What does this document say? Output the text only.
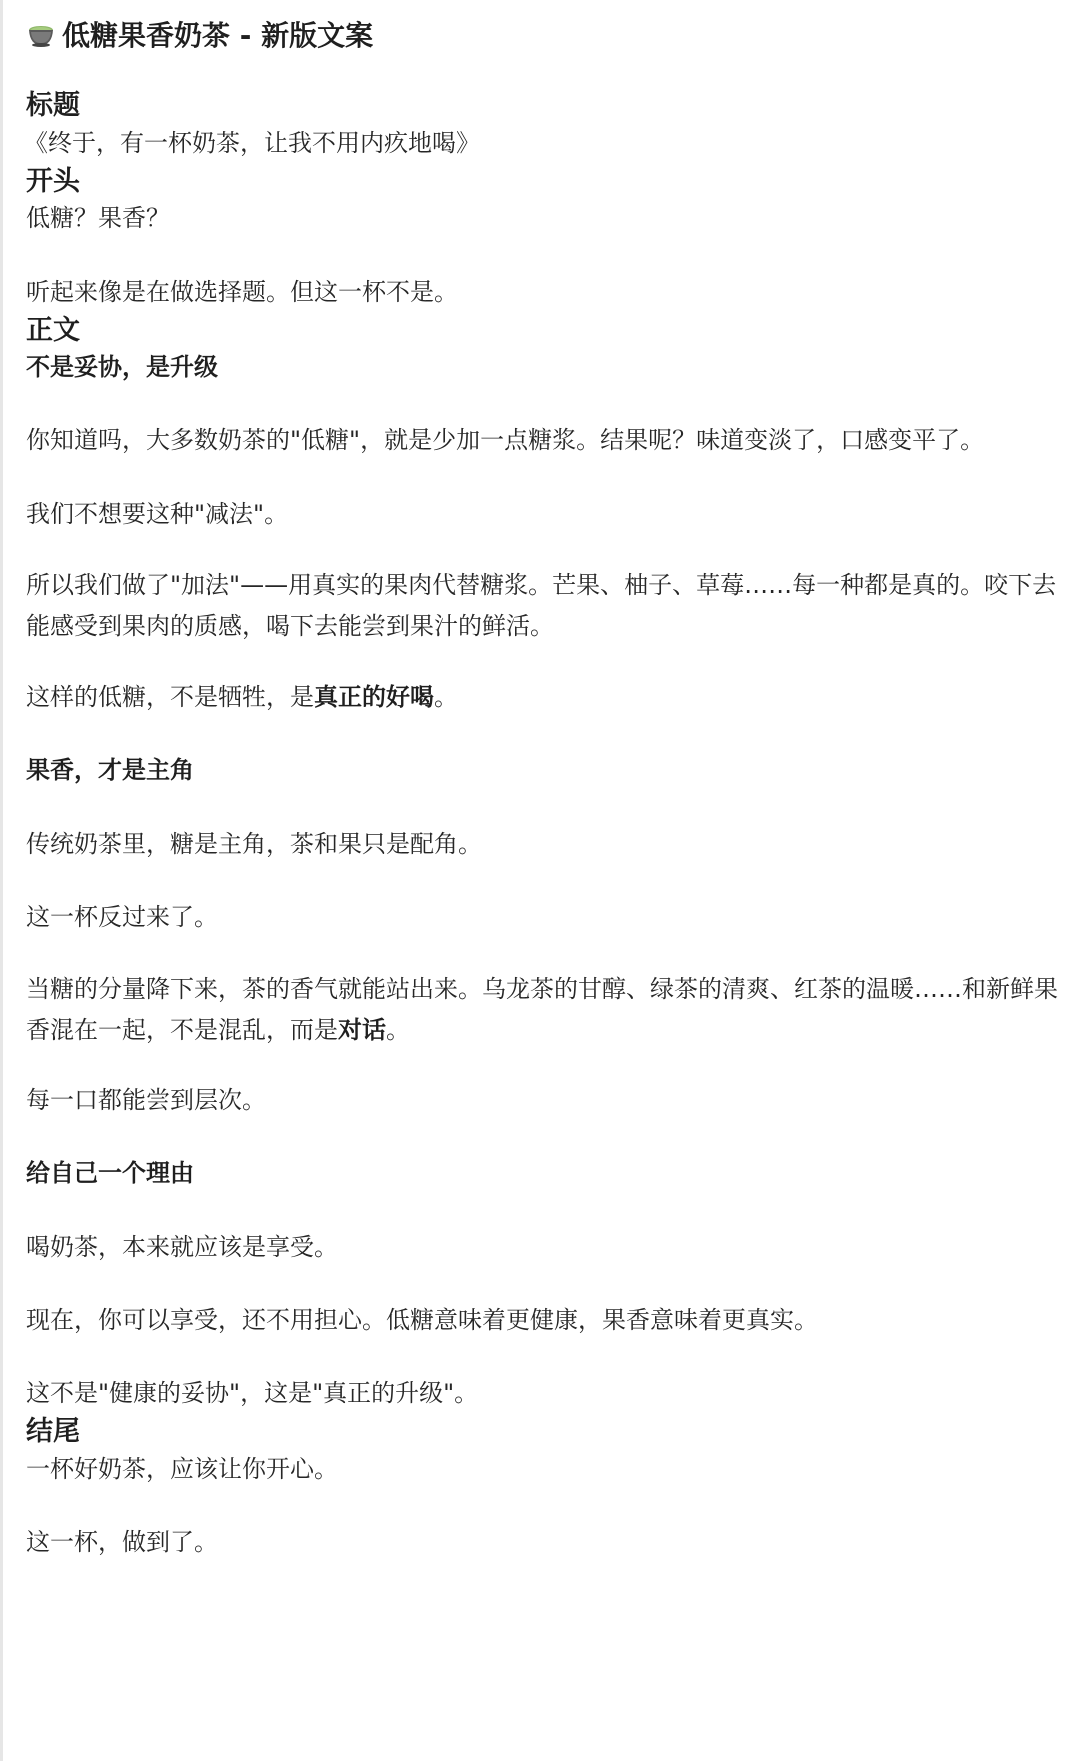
低糖果香奶茶 - 新版文案
标题
《终于，有一杯奶茶，让我不用内疚地喝》
开头
低糖？果香？
听起来像是在做选择题。但这一杯不是。
正文
不是妥协，是升级
你知道吗，大多数奶茶的"低糖"，就是少加一点糖浆。结果呢？味道变淡了，口感变平了。
我们不想要这种"减法"。
所以我们做了"加法"——用真实的果肉代替糖浆。芒果、柚子、草莓……每一种都是真的。咬下去能感受到果肉的质感，喝下去能尝到果汁的鲜活。
这样的低糖，不是牺牲，是真正的好喝。
果香，才是主角
传统奶茶里，糖是主角，茶和果只是配角。
这一杯反过来了。
当糖的分量降下来，茶的香气就能站出来。乌龙茶的甘醇、绿茶的清爽、红茶的温暖……和新鲜果香混在一起，不是混乱，而是对话。
每一口都能尝到层次。
给自己一个理由
喝奶茶，本来就应该是享受。
现在，你可以享受，还不用担心。低糖意味着更健康，果香意味着更真实。
这不是"健康的妥协"，这是"真正的升级"。
结尾
一杯好奶茶，应该让你开心。
这一杯，做到了。
